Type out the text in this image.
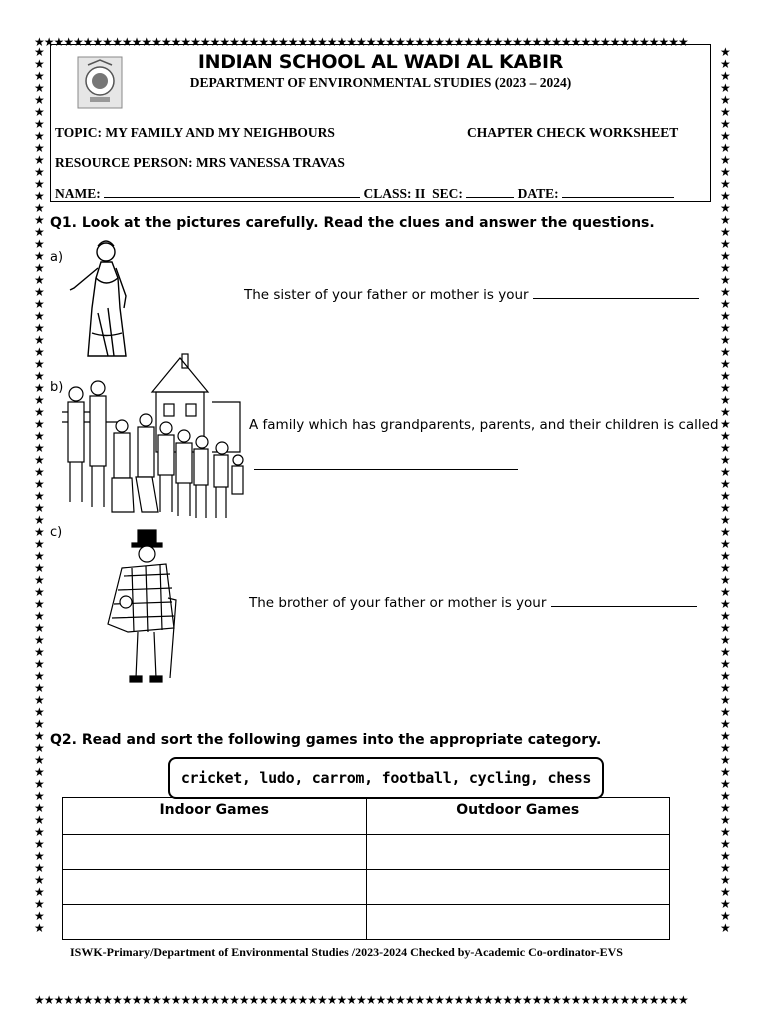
★★★★★★★★★★★★★★★★★★★★★★★★★★★★★★★★★★★★★★★★★★★★★★★★★★★★★★★★★★★★★★★★★★★
★★★★★★★★★★★★★★★★★★★★★★★★★★★★★★★★★★★★★★★★★★★★★★★★★★★★★★★★★★★★★★★★★★★
★★★★★★★★★★★★★★★★★★★★★★★★★★★★★★★★★★★★★★★★★★★★★★★★★★★★★★★★★★★★★★★★★★★★★★★★★★
★★★★★★★★★★★★★★★★★★★★★★★★★★★★★★★★★★★★★★★★★★★★★★★★★★★★★★★★★★★★★★★★★★★★★★★★★★
INDIAN SCHOOL AL WADI AL KABIR
DEPARTMENT OF ENVIRONMENTAL STUDIES (2023 – 2024)
TOPIC: MY FAMILY AND MY NEIGHBOURS	CHAPTER CHECK WORKSHEET
RESOURCE PERSON: MRS VANESSA TRAVAS
NAME:	CLASS: II SEC:	DATE:
Q1. Look at the pictures carefully. Read the clues and answer the questions.
a)
The sister of your father or mother is your
b)
A family which has grandparents, parents, and their children is called
c)
The brother of your father or mother is your
Q2. Read and sort the following games into the appropriate category.
cricket, ludo, carrom, football, cycling, chess
Indoor Games	Outdoor Games

ISWK-Primary/Department of Environmental Studies /2023-2024 Checked by-Academic Co-ordinator-EVS
